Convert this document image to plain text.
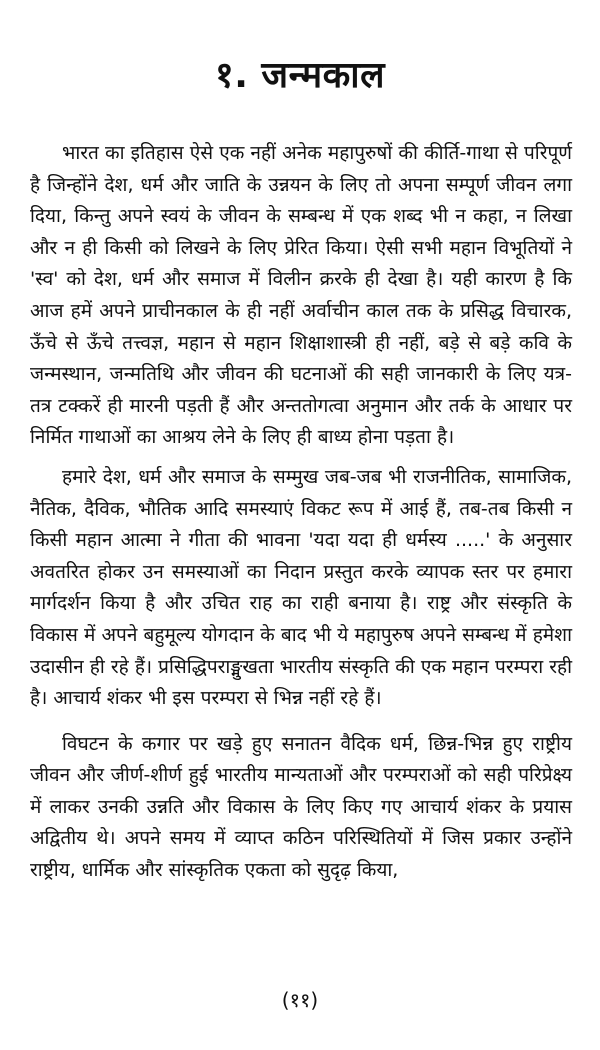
१. जन्मकाल

भारत का इतिहास ऐसे एक नहीं अनेक महापुरुषों की कीर्ति-गाथा से परिपूर्ण है जिन्होंने देश, धर्म और जाति के उन्नयन के लिए तो अपना सम्पूर्ण जीवन लगा दिया, किन्तु अपने स्वयं के जीवन के सम्बन्ध में एक शब्द भी न कहा, न लिखा और न ही किसी को लिखने के लिए प्रेरित किया। ऐसी सभी महान विभूतियों ने 'स्व' को देश, धर्म और समाज में विलीन क्ररके ही देखा है। यही कारण है कि आज हमें अपने प्राचीनकाल के ही नहीं अर्वाचीन काल तक के प्रसिद्ध विचारक, ऊँचे से ऊँचे तत्त्वज्ञ, महान से महान शिक्षाशास्त्री ही नहीं, बड़े से बड़े कवि के जन्मस्थान, जन्मतिथि और जीवन की घटनाओं की सही जानकारी के लिए यत्र-तत्र टक्करें ही मारनी पड़ती हैं और अन्ततोगत्वा अनुमान और तर्क के आधार पर निर्मित गाथाओं का आश्रय लेने के लिए ही बाध्य होना पड़ता है।

हमारे देश, धर्म और समाज के सम्मुख जब-जब भी राजनीतिक, सामाजिक, नैतिक, दैविक, भौतिक आदि समस्याएं विकट रूप में आई हैं, तब-तब किसी न किसी महान आत्मा ने गीता की भावना 'यदा यदा ही धर्मस्य .....' के अनुसार अवतरित होकर उन समस्याओं का निदान प्रस्तुत करके व्यापक स्तर पर हमारा मार्गदर्शन किया है और उचित राह का राही बनाया है। राष्ट्र और संस्कृति के विकास में अपने बहुमूल्य योगदान के बाद भी ये महापुरुष अपने सम्बन्ध में हमेशा उदासीन ही रहे हैं। प्रसिद्धिपराङ्मुखता भारतीय संस्कृति की एक महान परम्परा रही है। आचार्य शंकर भी इस परम्परा से भिन्न नहीं रहे हैं।

विघटन के कगार पर खड़े हुए सनातन वैदिक धर्म, छिन्न-भिन्न हुए राष्ट्रीय जीवन और जीर्ण-शीर्ण हुई भारतीय मान्यताओं और परम्पराओं को सही परिप्रेक्ष्य में लाकर उनकी उन्नति और विकास के लिए किए गए आचार्य शंकर के प्रयास अद्वितीय थे। अपने समय में व्याप्त कठिन परिस्थितियों में जिस प्रकार उन्होंने राष्ट्रीय, धार्मिक और सांस्कृतिक एकता को सुदृढ़ किया,

(११)
